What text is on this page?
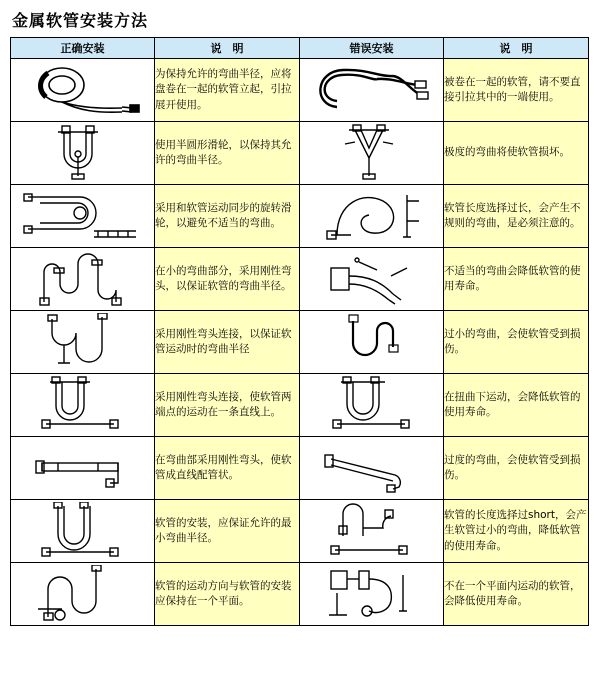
金属软管安装方法
正确安装	说　明	错误安装	说　明

	为保持允许的弯曲半径，应将盘卷在一起的软管立起，引拉展开使用。		被卷在一起的软管，请不要直接引拉其中的一端使用。

	使用半圆形滑轮，以保持其允许的弯曲半径。		极度的弯曲将使软管损坏。

	采用和软管运动同步的旋转滑轮，以避免不适当的弯曲。		软管长度选择过长，会产生不规则的弯曲，是必须注意的。

	在小的弯曲部分，采用刚性弯头，以保证软管的弯曲半径。		不适当的弯曲会降低软管的使用寿命。

	采用刚性弯头连接，以保证软管运动时的弯曲半径		过小的弯曲，会使软管受到损伤。

	采用刚性弯头连接，使软管两端点的运动在一条直线上。		在扭曲下运动，会降低软管的使用寿命。

	在弯曲部采用刚性弯头，使软管成直线配管状。		过度的弯曲，会使软管受到损伤。

	软管的安装，应保证允许的最小弯曲半径。		软管的长度选择过short，会产生软管过小的弯曲，降低软管的使用寿命。

	软管的运动方向与软管的安装应保持在一个平面。		不在一个平面内运动的软管，会降低使用寿命。
